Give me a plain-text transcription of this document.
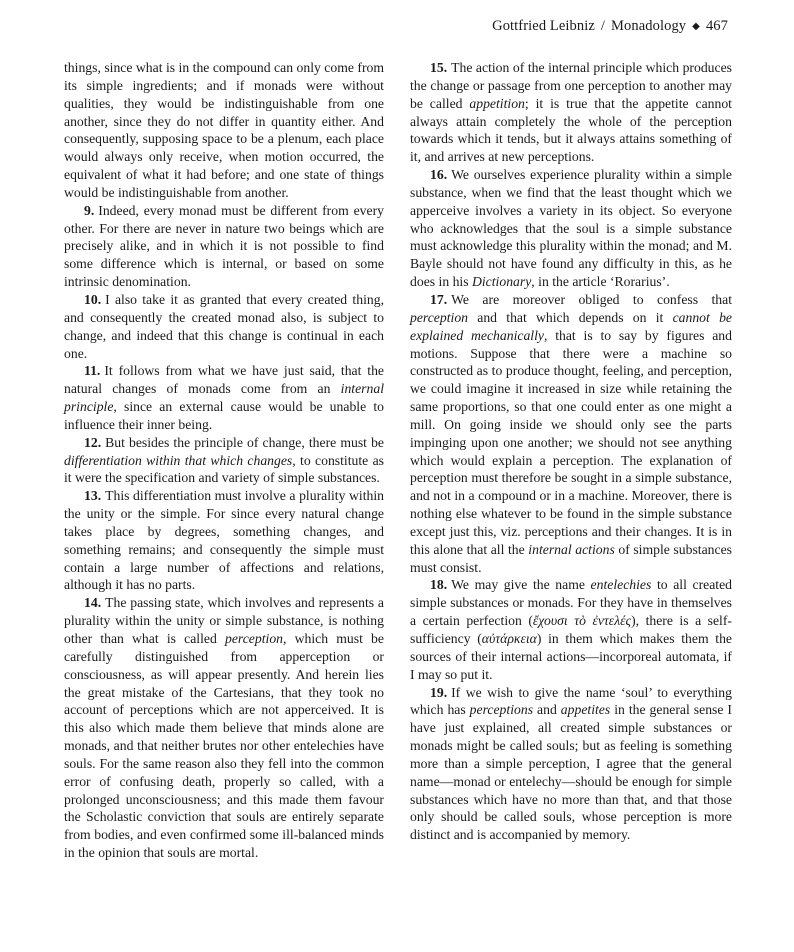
Gottfried Leibniz / Monadology ◆ 467

things, since what is in the compound can only come from its simple ingredients; and if monads were without qualities, they would be indistinguishable from one another, since they do not differ in quantity either. And consequently, supposing space to be a plenum, each place would always only receive, when motion occurred, the equivalent of what it had before; and one state of things would be indistinguishable from another.

9. Indeed, every monad must be different from every other. For there are never in nature two beings which are precisely alike, and in which it is not possible to find some difference which is internal, or based on some intrinsic denomination.

10. I also take it as granted that every created thing, and consequently the created monad also, is subject to change, and indeed that this change is continual in each one.

11. It follows from what we have just said, that the natural changes of monads come from an internal principle, since an external cause would be unable to influence their inner being.

12. But besides the principle of change, there must be differentiation within that which changes, to constitute as it were the specification and variety of simple substances.

13. This differentiation must involve a plurality within the unity or the simple. For since every natural change takes place by degrees, something changes, and something remains; and consequently the simple must contain a large number of affections and relations, although it has no parts.

14. The passing state, which involves and represents a plurality within the unity or simple substance, is nothing other than what is called perception, which must be carefully distinguished from apperception or consciousness, as will appear presently. And herein lies the great mistake of the Cartesians, that they took no account of perceptions which are not apperceived. It is this also which made them believe that minds alone are monads, and that neither brutes nor other entelechies have souls. For the same reason also they fell into the common error of confusing death, properly so called, with a prolonged unconsciousness; and this made them favour the Scholastic conviction that souls are entirely separate from bodies, and even confirmed some ill-balanced minds in the opinion that souls are mortal.

15. The action of the internal principle which produces the change or passage from one perception to another may be called appetition; it is true that the appetite cannot always attain completely the whole of the perception towards which it tends, but it always attains something of it, and arrives at new perceptions.

16. We ourselves experience plurality within a simple substance, when we find that the least thought which we apperceive involves a variety in its object. So everyone who acknowledges that the soul is a simple substance must acknowledge this plurality within the monad; and M. Bayle should not have found any difficulty in this, as he does in his Dictionary, in the article ‘Rorarius’.

17. We are moreover obliged to confess that perception and that which depends on it cannot be explained mechanically, that is to say by figures and motions. Suppose that there were a machine so constructed as to produce thought, feeling, and perception, we could imagine it increased in size while retaining the same proportions, so that one could enter as one might a mill. On going inside we should only see the parts impinging upon one another; we should not see anything which would explain a perception. The explanation of perception must therefore be sought in a simple substance, and not in a compound or in a machine. Moreover, there is nothing else whatever to be found in the simple substance except just this, viz. perceptions and their changes. It is in this alone that all the internal actions of simple substances must consist.

18. We may give the name entelechies to all created simple substances or monads. For they have in themselves a certain perfection (ἔχουσι τὸ ἐντελές), there is a self-sufficiency (αὐτάρκεια) in them which makes them the sources of their internal actions—incorporeal automata, if I may so put it.

19. If we wish to give the name ‘soul’ to everything which has perceptions and appetites in the general sense I have just explained, all created simple substances or monads might be called souls; but as feeling is something more than a simple perception, I agree that the general name—monad or entelechy—should be enough for simple substances which have no more than that, and that those only should be called souls, whose perception is more distinct and is accompanied by memory.
